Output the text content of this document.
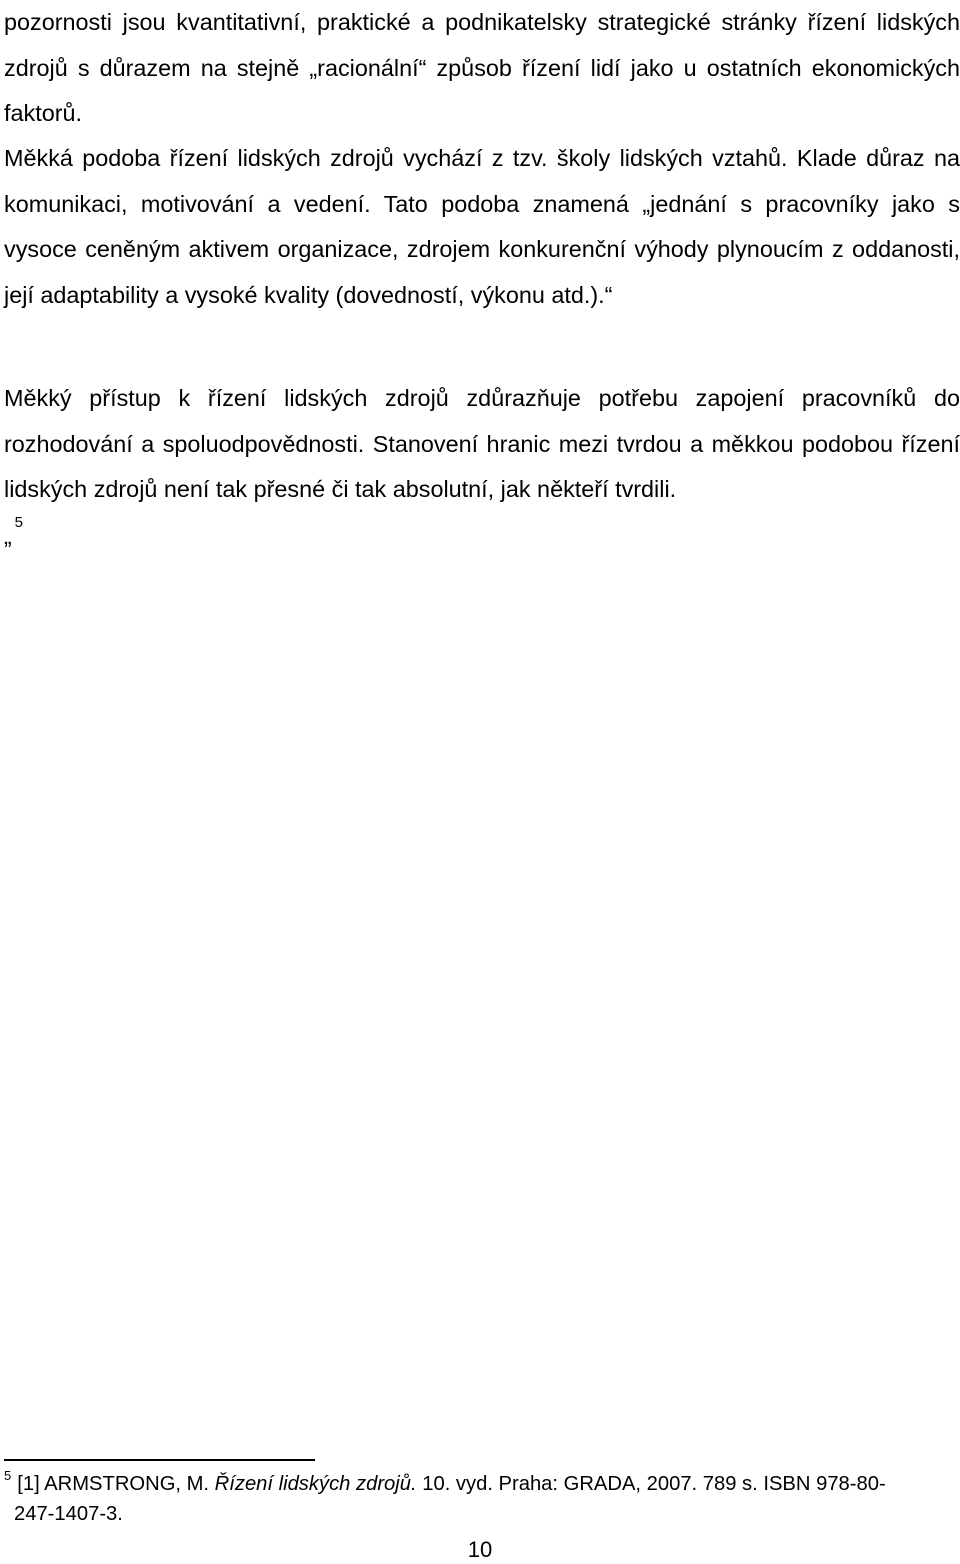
pozornosti jsou kvantitativní, praktické a podnikatelsky strategické stránky řízení lidských zdrojů s důrazem na stejně „racionální“ způsob řízení lidí jako u ostatních ekonomických faktorů.

Měkká podoba řízení lidských zdrojů vychází z tzv. školy lidských vztahů. Klade důraz na komunikaci, motivování a vedení. Tato podoba znamená „jednání s pracovníky jako s vysoce ceněným aktivem organizace, zdrojem konkurenční výhody plynoucím z oddanosti, její adaptability a vysoké kvality (dovedností, výkonu atd.).“

Měkký přístup k řízení lidských zdrojů zdůrazňuje potřebu zapojení pracovníků do rozhodování a spoluodpovědnosti. Stanovení hranic mezi tvrdou a měkkou podobou řízení lidských zdrojů není tak přesné či tak absolutní, jak někteří tvrdili.

„$^5$
$^5$ [1] ARMSTRONG, M. Řízení lidských zdrojů. 10. vyd. Praha: GRADA, 2007. 789 s. ISBN 978-80-
247-1407-3.
10
